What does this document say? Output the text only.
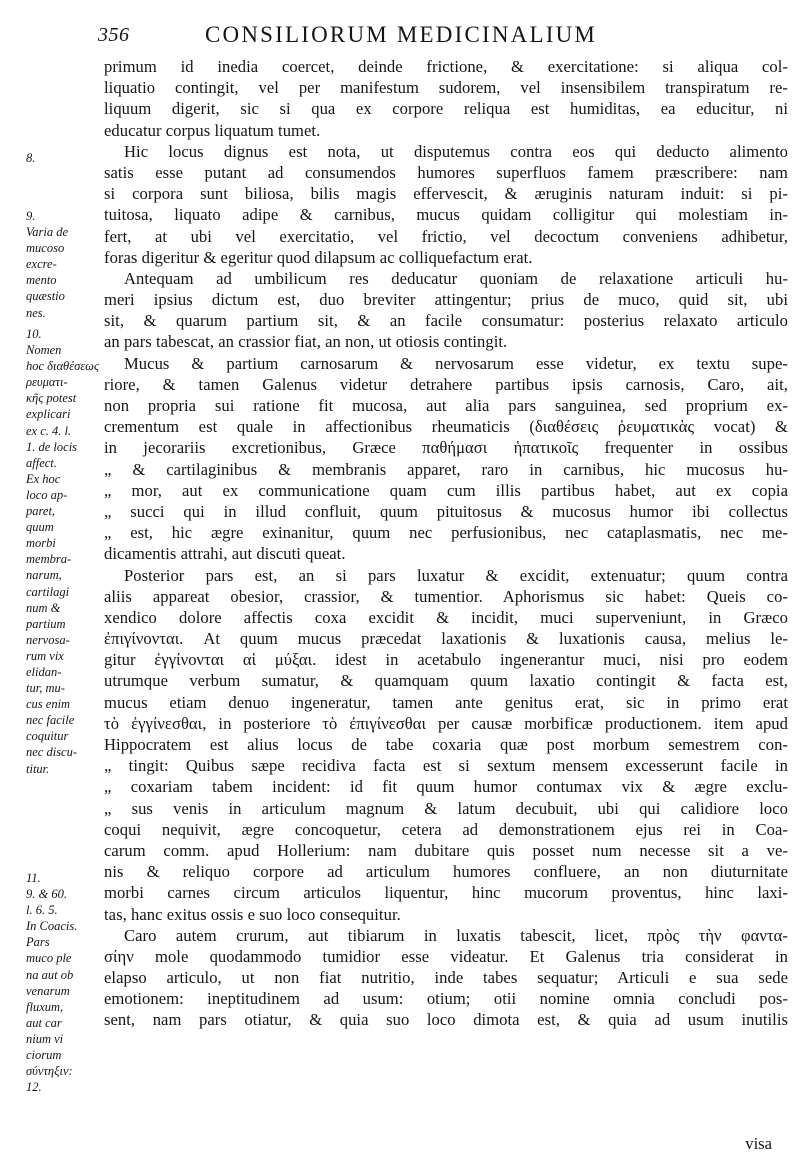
356	CONSILIORUM MEDICINALIUM
8.
9.
Varia de
mucoso
excre-
mento
quæstio
nes.
10.
Nomen
hoc διαθέσεως
ρευματι-
κῆς potest
explicari
ex c. 4. l.
1. de locis
affect.
Ex hoc
loco ap-
paret,
quum
morbi
membra-
narum,
cartilagi
num &
partium
nervosa-
rum vix
elidan-
tur, mu-
cus enim
nec facile
coquitur
nec discu-
titur.
11.
9. & 60.
l. 6. 5.
In Coacis.
Pars
muco ple
na aut ob
venarum
fluxum,
aut car
nium vi
ciorum
σύντηξιν:
12.
primum id inedia coercet, deinde frictione, & exercitatione: si aliqua col-
liquatio contingit, vel per manifestum sudorem, vel insensibilem transpiratum re-
liquum digerit, sic si qua ex corpore reliqua est humiditas, ea educitur, ni
educatur corpus liquatum tumet.
Hic locus dignus est nota, ut disputemus contra eos qui deducto alimento
satis esse putant ad consumendos humores superfluos famem præscribere: nam
si corpora sunt biliosa, bilis magis effervescit, & æruginis naturam induit: si pi-
tuitosa, liquato adipe & carnibus, mucus quidam colligitur qui molestiam in-
fert, at ubi vel exercitatio, vel frictio, vel decoctum conveniens adhibetur,
foras digeritur & egeritur quod dilapsum ac colliquefactum erat.
Antequam ad umbilicum res deducatur quoniam de relaxatione articuli hu-
meri ipsius dictum est, duo breviter attingentur; prius de muco, quid sit, ubi
sit, & quarum partium sit, & an facile consumatur: posterius relaxato articulo
an pars tabescat, an crassior fiat, an non, ut otiosis contingit.
Mucus & partium carnosarum & nervosarum esse videtur, ex textu supe-
riore, & tamen Galenus videtur detrahere partibus ipsis carnosis, Caro, ait,
non propria sui ratione fit mucosa, aut alia pars sanguinea, sed proprium ex-
crementum est quale in affectionibus rheumaticis (διαθέσεις ῥευματικὰς vocat) &
in jecorariis excretionibus, Græce παθήμασι ἡπατικοῖς frequenter in ossibus
„ & cartilaginibus & membranis apparet, raro in carnibus, hic mucosus hu-
„ mor, aut ex communicatione quam cum illis partibus habet, aut ex copia
„ succi qui in illud confluit, quum pituitosus & mucosus humor ibi collectus
„ est, hic ægre exinanitur, quum nec perfusionibus, nec cataplasmatis, nec me-
dicamentis attrahi, aut discuti queat.
Posterior pars est, an si pars luxatur & excidit, extenuatur; quum contra
aliis appareat obesior, crassior, & tumentior. Aphorismus sic habet: Queis co-
xendico dolore affectis coxa excidit & incidit, muci superveniunt, in Græco
ἐπιγίνονται. At quum mucus præcedat laxationis & luxationis causa, melius le-
gitur ἐγγίνονται αἱ μύξαι. idest in acetabulo ingenerantur muci, nisi pro eodem
utrumque verbum sumatur, & quamquam quum laxatio contingit & facta est,
mucus etiam denuo ingeneratur, tamen ante genitus erat, sic in primo erat
τὸ ἐγγίνεσθαι, in posteriore τὸ ἐπιγίνεσθαι per causæ morbificæ productionem. item apud
Hippocratem est alius locus de tabe coxaria quæ post morbum semestrem con-
„ tingit: Quibus sæpe recidiva facta est si sextum mensem excesserunt facile in
„ coxariam tabem incident: id fit quum humor contumax vix & ægre exclu-
„ sus venis in articulum magnum & latum decubuit, ubi qui calidiore loco
coqui nequivit, ægre concoquetur, cetera ad demonstrationem ejus rei in Coa-
carum comm. apud Hollerium: nam dubitare quis posset num necesse sit a ve-
nis & reliquo corpore ad articulum humores confluere, an non diuturnitate
morbi carnes circum articulos liquentur, hinc mucorum proventus, hinc laxi-
tas, hanc exitus ossis e suo loco consequitur.
Caro autem crurum, aut tibiarum in luxatis tabescit, licet, πρὸς τὴν φαντα-
σίην mole quodammodo tumidior esse videatur. Et Galenus tria considerat in
elapso articulo, ut non fiat nutritio, inde tabes sequatur; Articuli e sua sede
emotionem: ineptitudinem ad usum: otium; otii nomine omnia concludi pos-
sent, nam pars otiatur, & quia suo loco dimota est, & quia ad usum inutilis
visa
